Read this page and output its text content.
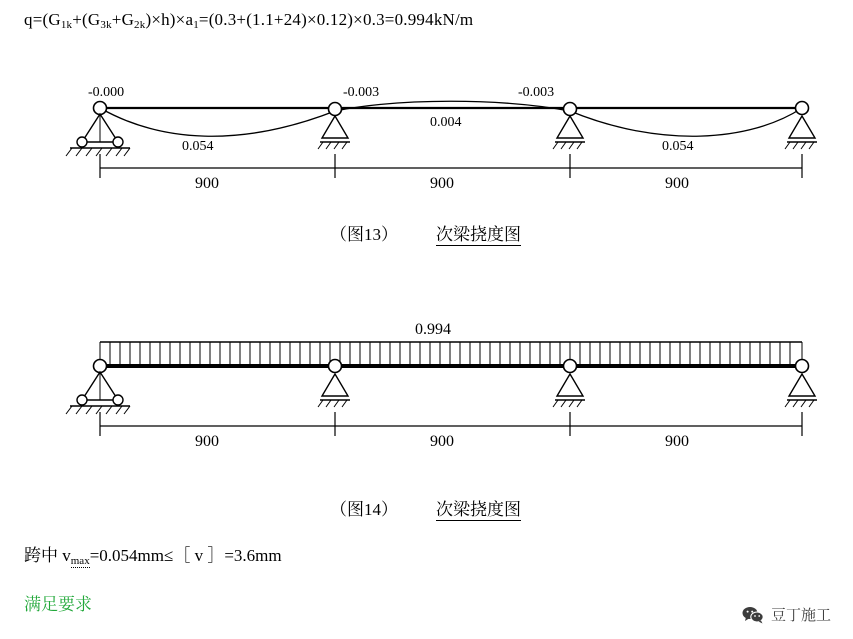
$q=(G_{1k}+(G_{3k}+G_{2k})\times h)\times a_1=(0.3+(1.1+24)\times 0.12)\times 0.3=0.994kN/m$
-0.000	-0.003	-0.003
0.004
0.054	0.054
900	900	900
（图13） 次梁挠度图
0.994
900	900	900
（图14） 次梁挠度图
跨中 vmax=0.054mm≤［ v ］=3.6mm
满足要求
豆丁施工
